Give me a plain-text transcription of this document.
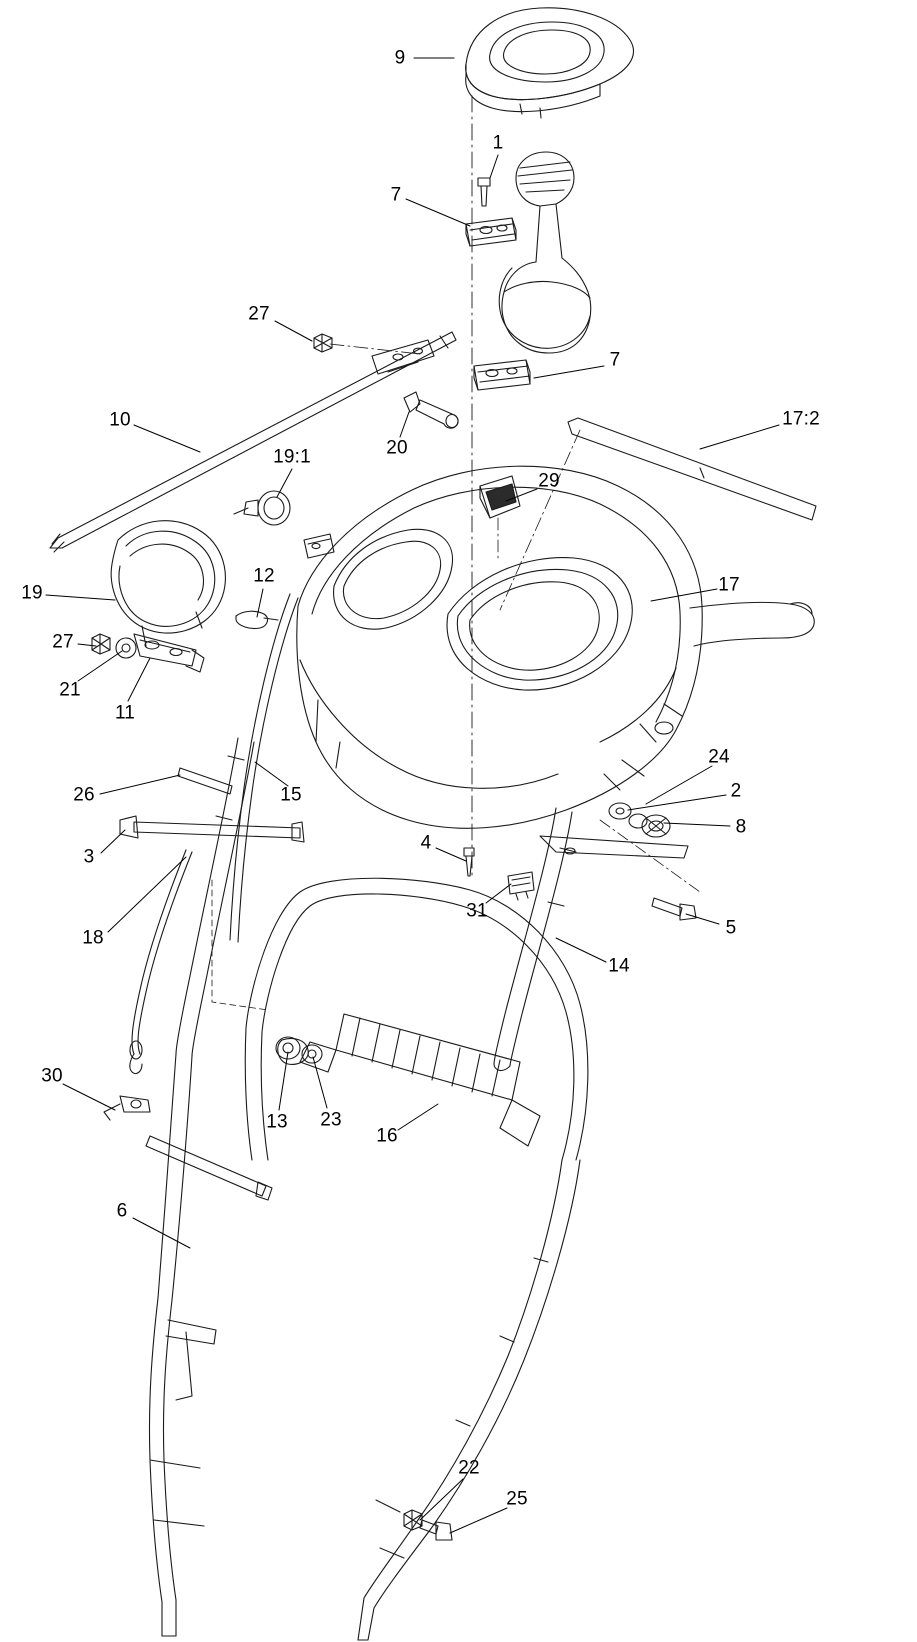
9
1
7
27
7
17:2
10
20
19:1
29
17
12
19
27
21
11
24
2
8
26	15
4
3
5
18
31
14
13 23
16
30
6
22
25
